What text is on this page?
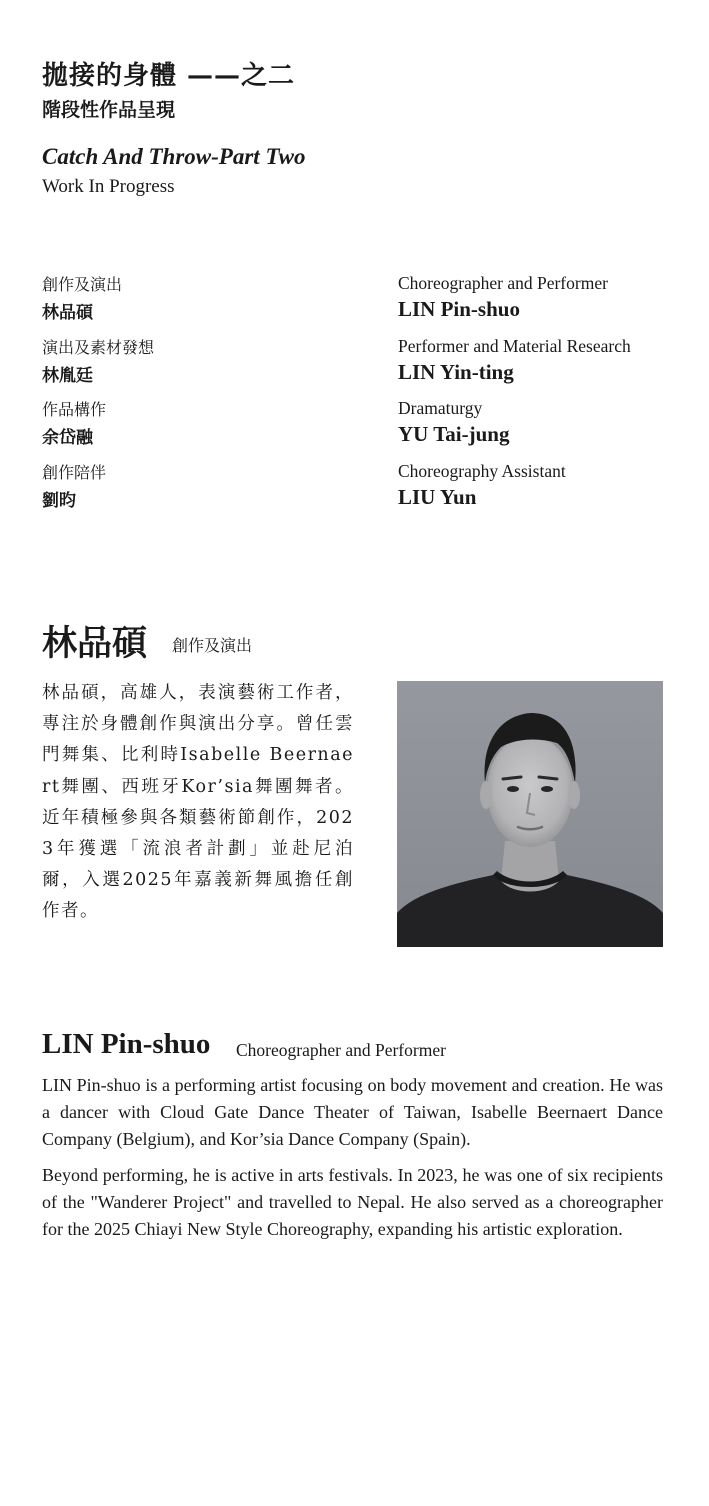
拋接的身體 ——之二
階段性作品呈現
Catch And Throw-Part Two
Work In Progress
創作及演出
林品碩
Choreographer and Performer
LIN Pin-shuo
演出及素材發想
林胤廷
Performer and Material Research
LIN Yin-ting
作品構作
余岱融
Dramaturgy
YU Tai-jung
創作陪伴
劉昀
Choreography Assistant
LIU Yun
林品碩 創作及演出
林品碩，高雄人，表演藝術工作者，專注於身體創作與演出分享。曾任雲門舞集、比利時Isabelle Beernaert舞團、西班牙Kor’sia舞團舞者。近年積極參與各類藝術節創作，2023年獲選「流浪者計劃」並赴尼泊爾，入選2025年嘉義新舞風擔任創作者。
LIN Pin-shuo Choreographer and Performer

LIN Pin-shuo is a performing artist focusing on body movement and creation. He was a dancer with Cloud Gate Dance Theater of Taiwan, Isabelle Beernaert Dance Company (Belgium), and Kor’sia Dance Company (Spain).

Beyond performing, he is active in arts festivals. In 2023, he was one of six recipients of the "Wanderer Project" and travelled to Nepal. He also served as a choreographer for the 2025 Chiayi New Style Choreography, expanding his artistic exploration.
